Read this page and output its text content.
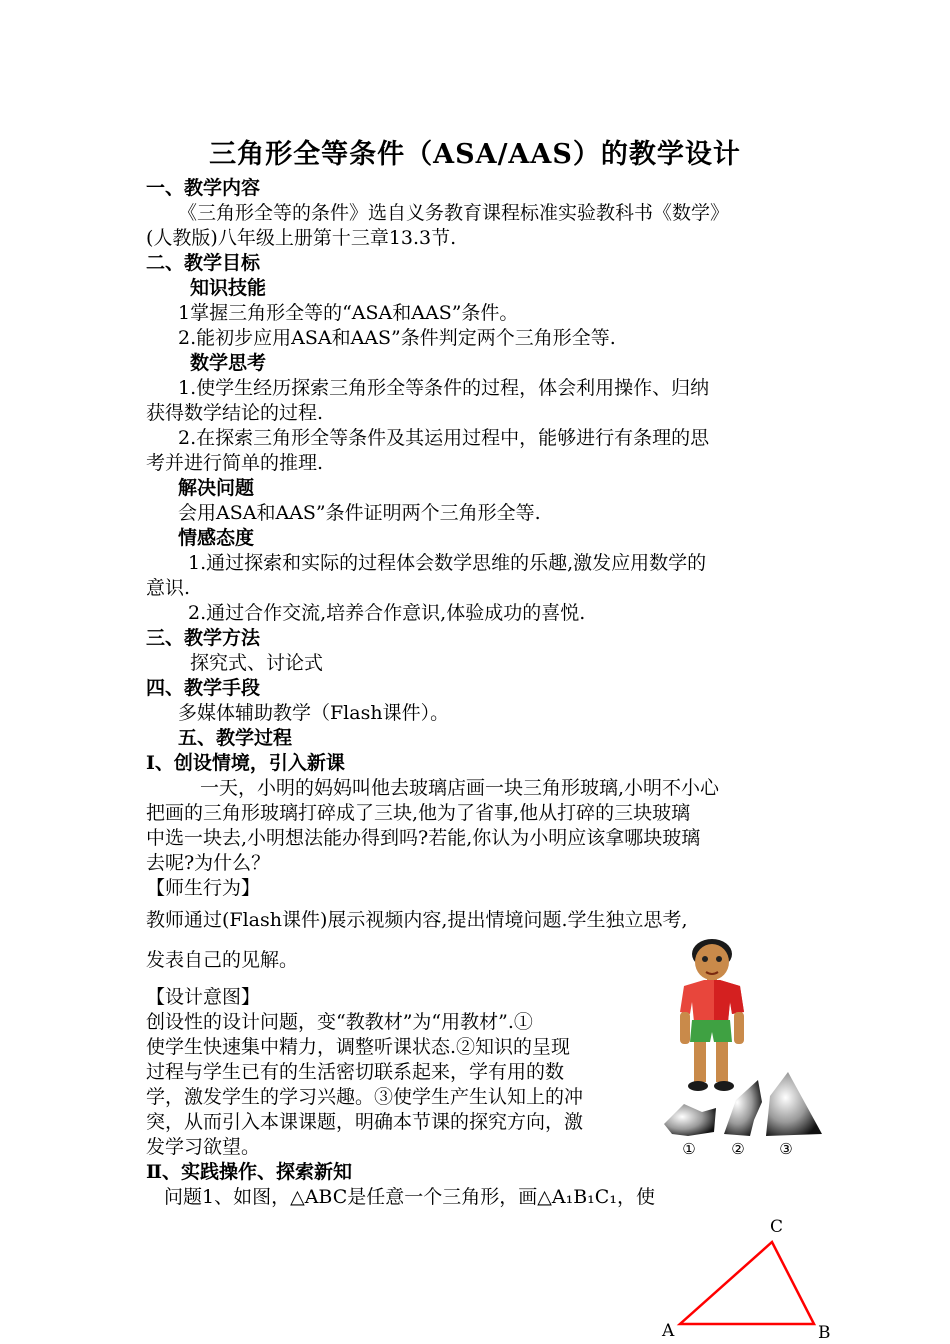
三角形全等条件（ASA/AAS）的教学设计
一、教学内容
《三角形全等的条件》选自义务教育课程标准实验教科书《数学》
(人教版)八年级上册第十三章13.3节.
二、教学目标
知识技能
1掌握三角形全等的“ASA和AAS”条件。
2.能初步应用ASA和AAS”条件判定两个三角形全等.
数学思考
1.使学生经历探索三角形全等条件的过程，体会利用操作、归纳
获得数学结论的过程.
2.在探索三角形全等条件及其运用过程中，能够进行有条理的思
考并进行简单的推理.
解决问题
会用ASA和AAS”条件证明两个三角形全等.
情感态度
1.通过探索和实际的过程体会数学思维的乐趣,激发应用数学的
意识.
2.通过合作交流,培养合作意识,体验成功的喜悦.
三、教学方法
探究式、讨论式
四、教学手段
多媒体辅助教学（Flash课件）。
五、教学过程
Ⅰ、创设情境，引入新课
一天，小明的妈妈叫他去玻璃店画一块三角形玻璃,小明不小心
把画的三角形玻璃打碎成了三块,他为了省事,他从打碎的三块玻璃
中选一块去,小明想法能办得到吗?若能,你认为小明应该拿哪块玻璃
去呢?为什么？
【师生行为】
教师通过(Flash课件)展示视频内容,提出情境问题.学生独立思考,
发表自己的见解。
【设计意图】
创设性的设计问题，变“教教材”为“用教材”.①
使学生快速集中精力，调整听课状态.②知识的呈现
过程与学生已有的生活密切联系起来，学有用的数
学，激发学生的学习兴趣。③使学生产生认知上的冲
突，从而引入本课课题，明确本节课的探究方向，激
发学习欲望。
Ⅱ、实践操作、探索新知
问题1、如图，△ABC是任意一个三角形，画△A₁B₁C₁，使
① ② ③
C
A	B
